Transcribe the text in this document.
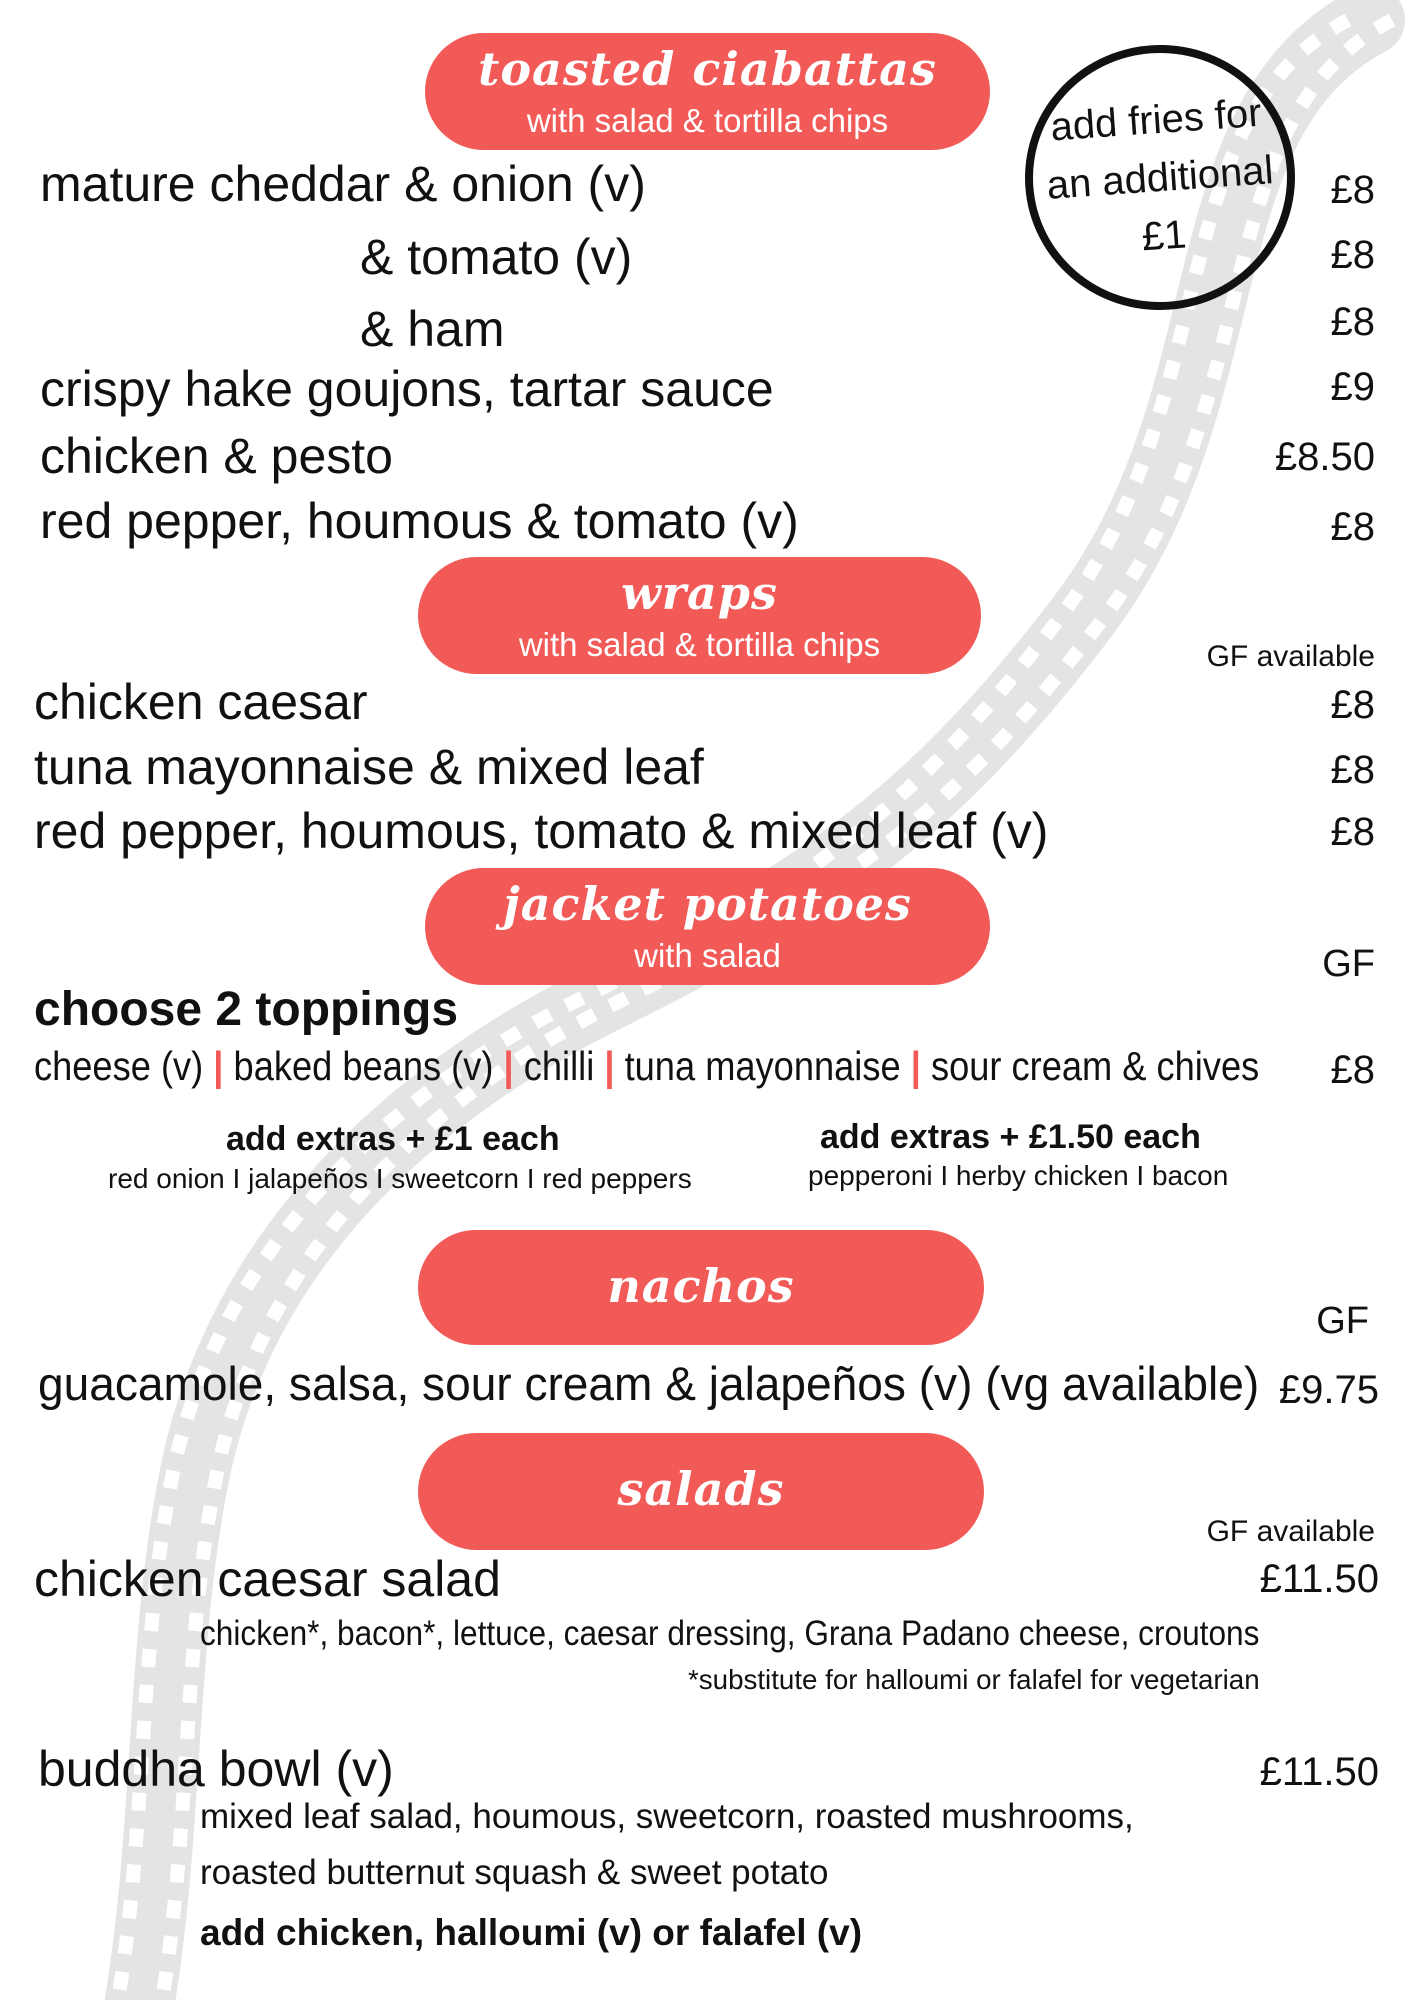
toasted ciabattas
with salad & tortilla chips	add fries for
an additional
£1
mature cheddar & onion (v)	£8
& tomato (v)	£8
& ham	£8
crispy hake goujons, tartar sauce	£9
chicken & pesto	£8.50
red pepper, houmous & tomato (v)	£8
wraps
with salad & tortilla chips	GF available
chicken caesar	£8
tuna mayonnaise & mixed leaf	£8
red pepper, houmous, tomato & mixed leaf (v)	£8
jacket potatoes
with salad	GF
choose 2 toppings
cheese (v) | baked beans (v) | chilli | tuna mayonnaise | sour cream & chives £8
add extras + £1 each
red onion I jalapeños I sweetcorn I red peppers
add extras + £1.50 each
pepperoni I herby chicken I bacon
nachos
GF
guacamole, salsa, sour cream & jalapeños (v) (vg available) £9.75
salads
GF available
chicken caesar salad	£11.50
chicken*, bacon*, lettuce, caesar dressing, Grana Padano cheese, croutons
*substitute for halloumi or falafel for vegetarian
buddha bowl (v)	£11.50
mixed leaf salad, houmous, sweetcorn, roasted mushrooms,
roasted butternut squash & sweet potato
add chicken, halloumi (v) or falafel (v)
